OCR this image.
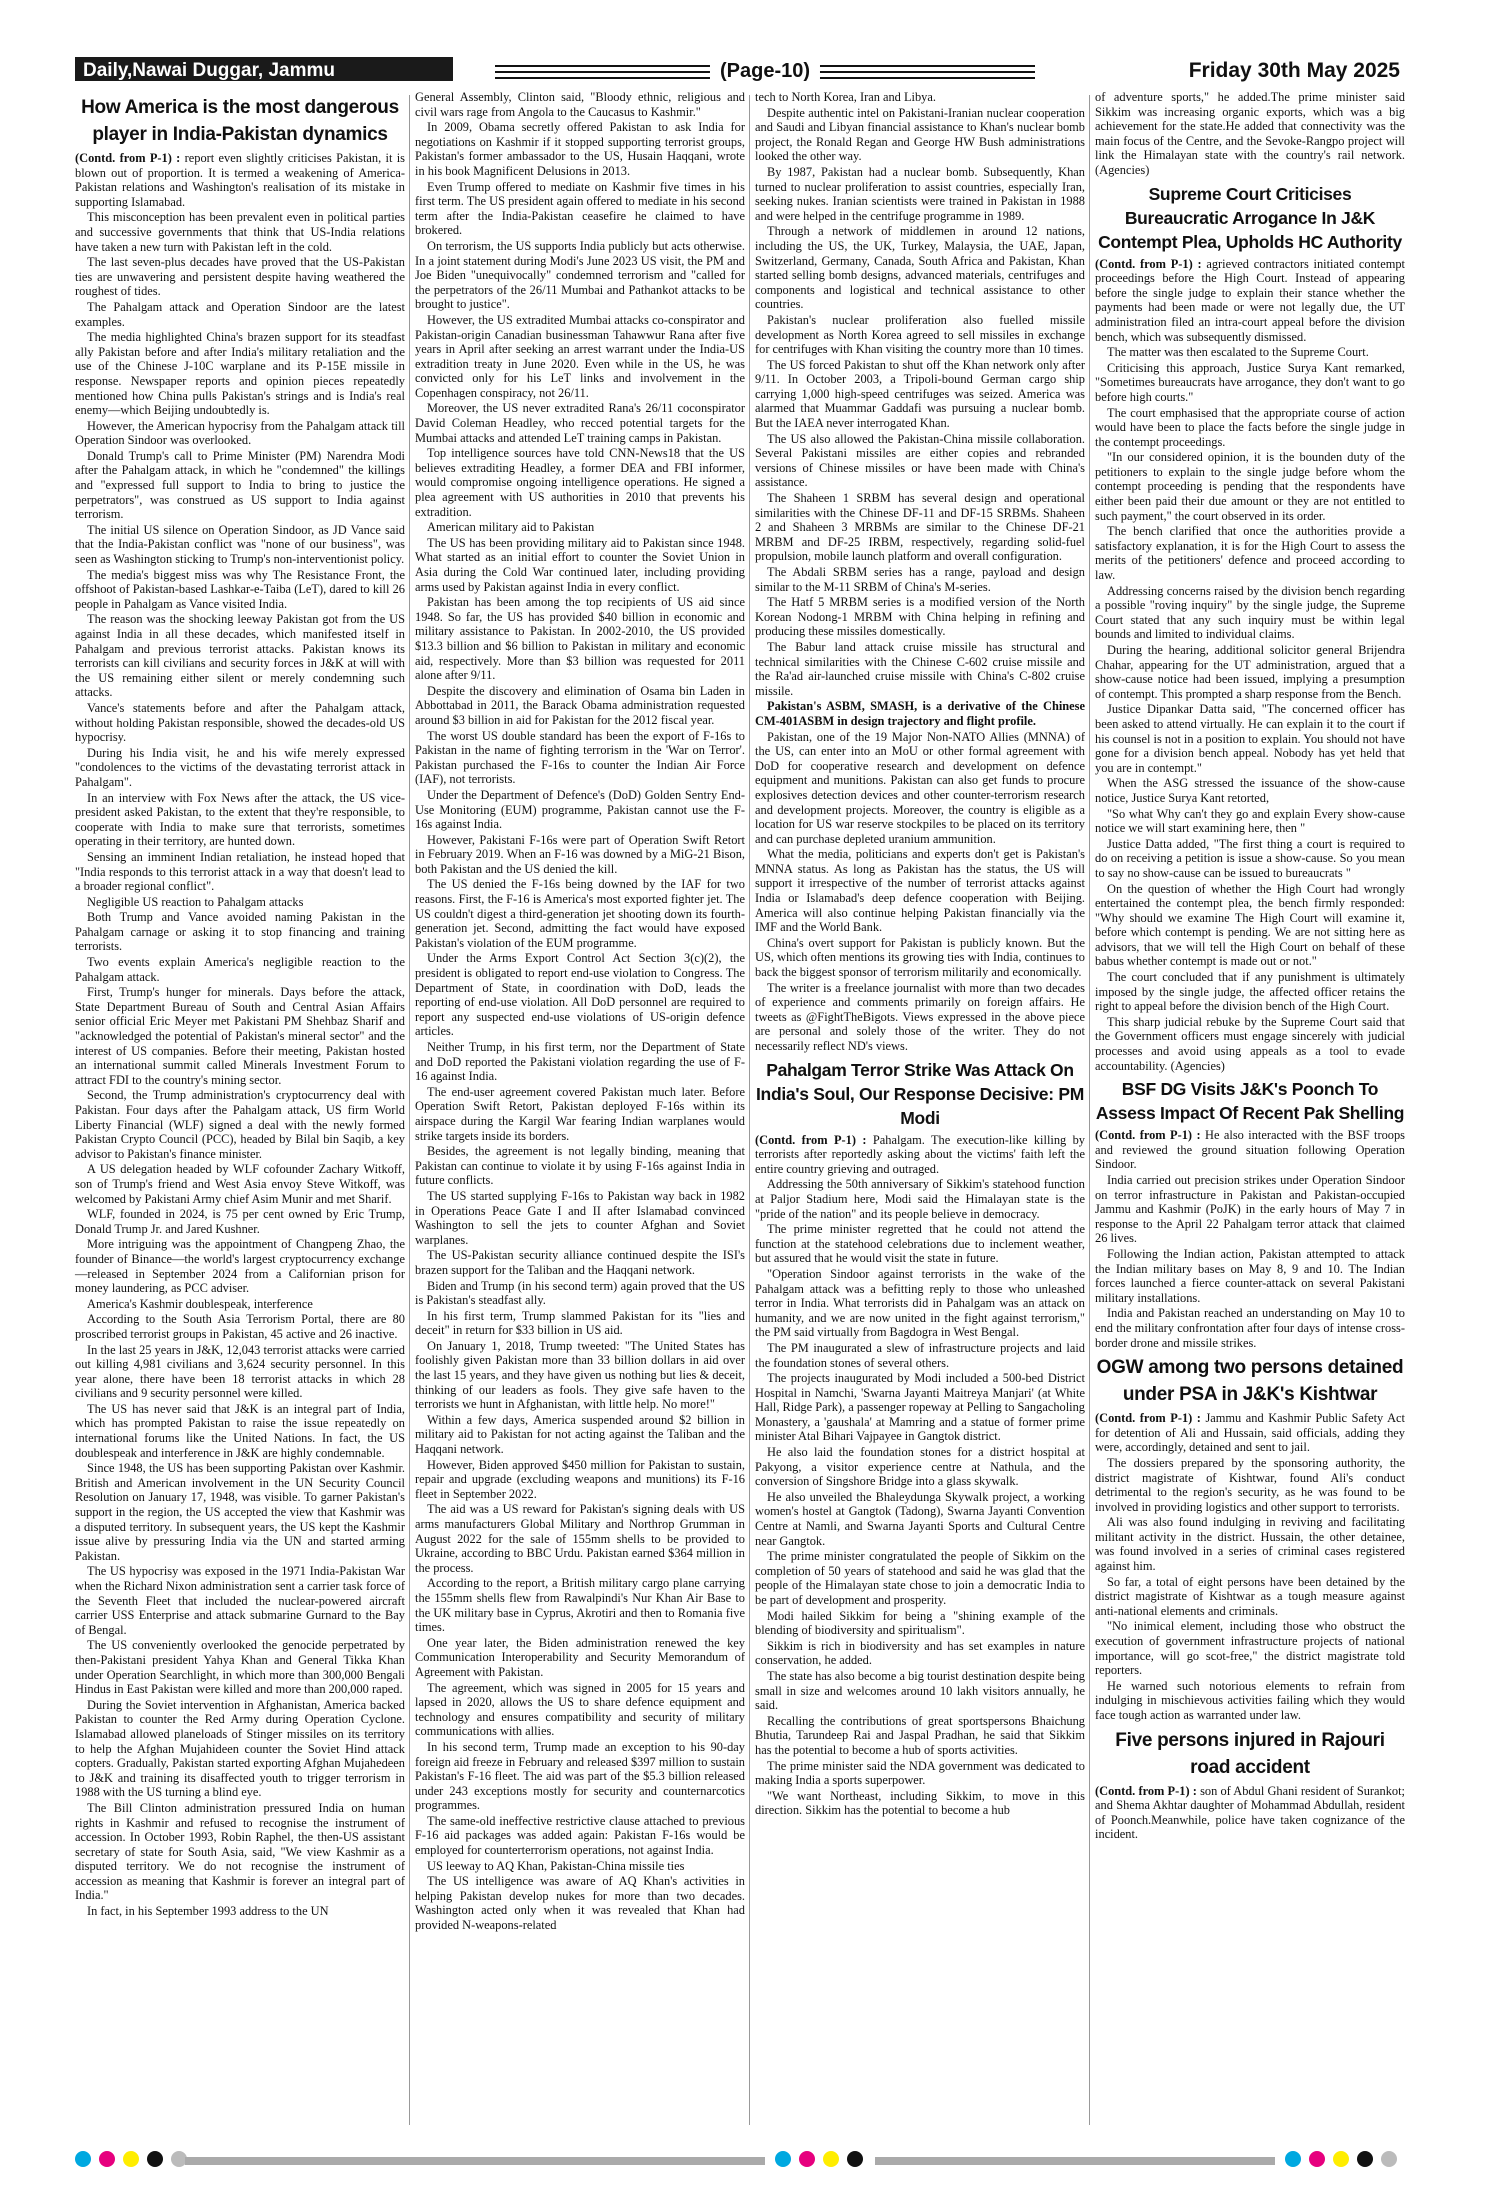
Daily,Nawai Duggar, Jammu	(Page-10)	Friday 30th May 2025
How America is the most dangerous player in India-Pakistan dynamics

(Contd. from P-1) : report even slightly criticises Pakistan, it is blown out of proportion. It is termed a weakening of America-Pakistan relations and Washington's realisation of its mistake in supporting Islamabad.

This misconception has been prevalent even in political parties and successive governments that think that US-India relations have taken a new turn with Pakistan left in the cold.

The last seven-plus decades have proved that the US-Pakistan ties are unwavering and persistent despite having weathered the roughest of tides.

The Pahalgam attack and Operation Sindoor are the latest examples.

The media highlighted China's brazen support for its steadfast ally Pakistan before and after India's military retaliation and the use of the Chinese J-10C warplane and its P-15E missile in response. Newspaper reports and opinion pieces repeatedly mentioned how China pulls Pakistan's strings and is India's real enemy—which Beijing undoubtedly is.

However, the American hypocrisy from the Pahalgam attack till Operation Sindoor was overlooked.

Donald Trump's call to Prime Minister (PM) Narendra Modi after the Pahalgam attack, in which he "condemned" the killings and "expressed full support to India to bring to justice the perpetrators", was construed as US support to India against terrorism.

The initial US silence on Operation Sindoor, as JD Vance said that the India-Pakistan conflict was "none of our business", was seen as Washington sticking to Trump's non-interventionist policy.

The media's biggest miss was why The Resistance Front, the offshoot of Pakistan-based Lashkar-e-Taiba (LeT), dared to kill 26 people in Pahalgam as Vance visited India.

The reason was the shocking leeway Pakistan got from the US against India in all these decades, which manifested itself in Pahalgam and previous terrorist attacks. Pakistan knows its terrorists can kill civilians and security forces in J&K at will with the US remaining either silent or merely condemning such attacks.

Vance's statements before and after the Pahalgam attack, without holding Pakistan responsible, showed the decades-old US hypocrisy.

During his India visit, he and his wife merely expressed "condolences to the victims of the devastating terrorist attack in Pahalgam".

In an interview with Fox News after the attack, the US vice-president asked Pakistan, to the extent that they're responsible, to cooperate with India to make sure that terrorists, sometimes operating in their territory, are hunted down.

Sensing an imminent Indian retaliation, he instead hoped that "India responds to this terrorist attack in a way that doesn't lead to a broader regional conflict".

Negligible US reaction to Pahalgam attacks

Both Trump and Vance avoided naming Pakistan in the Pahalgam carnage or asking it to stop financing and training terrorists.

Two events explain America's negligible reaction to the Pahalgam attack.

First, Trump's hunger for minerals. Days before the attack, State Department Bureau of South and Central Asian Affairs senior official Eric Meyer met Pakistani PM Shehbaz Sharif and "acknowledged the potential of Pakistan's mineral sector" and the interest of US companies. Before their meeting, Pakistan hosted an international summit called Minerals Investment Forum to attract FDI to the country's mining sector.

Second, the Trump administration's cryptocurrency deal with Pakistan. Four days after the Pahalgam attack, US firm World Liberty Financial (WLF) signed a deal with the newly formed Pakistan Crypto Council (PCC), headed by Bilal bin Saqib, a key advisor to Pakistan's finance minister.

A US delegation headed by WLF cofounder Zachary Witkoff, son of Trump's friend and West Asia envoy Steve Witkoff, was welcomed by Pakistani Army chief Asim Munir and met Sharif.

WLF, founded in 2024, is 75 per cent owned by Eric Trump, Donald Trump Jr. and Jared Kushner.

More intriguing was the appointment of Changpeng Zhao, the founder of Binance—the world's largest cryptocurrency exchange—released in September 2024 from a Californian prison for money laundering, as PCC adviser.

America's Kashmir doublespeak, interference

According to the South Asia Terrorism Portal, there are 80 proscribed terrorist groups in Pakistan, 45 active and 26 inactive.

In the last 25 years in J&K, 12,043 terrorist attacks were carried out killing 4,981 civilians and 3,624 security personnel. In this year alone, there have been 18 terrorist attacks in which 28 civilians and 9 security personnel were killed.

The US has never said that J&K is an integral part of India, which has prompted Pakistan to raise the issue repeatedly on international forums like the United Nations. In fact, the US doublespeak and interference in J&K are highly condemnable.

Since 1948, the US has been supporting Pakistan over Kashmir. British and American involvement in the UN Security Council Resolution on January 17, 1948, was visible. To garner Pakistan's support in the region, the US accepted the view that Kashmir was a disputed territory. In subsequent years, the US kept the Kashmir issue alive by pressuring India via the UN and started arming Pakistan.

The US hypocrisy was exposed in the 1971 India-Pakistan War when the Richard Nixon administration sent a carrier task force of the Seventh Fleet that included the nuclear-powered aircraft carrier USS Enterprise and attack submarine Gurnard to the Bay of Bengal.

The US conveniently overlooked the genocide perpetrated by then-Pakistani president Yahya Khan and General Tikka Khan under Operation Searchlight, in which more than 300,000 Bengali Hindus in East Pakistan were killed and more than 200,000 raped.

During the Soviet intervention in Afghanistan, America backed Pakistan to counter the Red Army during Operation Cyclone. Islamabad allowed planeloads of Stinger missiles on its territory to help the Afghan Mujahideen counter the Soviet Hind attack copters. Gradually, Pakistan started exporting Afghan Mujahedeen to J&K and training its disaffected youth to trigger terrorism in 1988 with the US turning a blind eye.

The Bill Clinton administration pressured India on human rights in Kashmir and refused to recognise the instrument of accession. In October 1993, Robin Raphel, the then-US assistant secretary of state for South Asia, said, "We view Kashmir as a disputed territory. We do not recognise the instrument of accession as meaning that Kashmir is forever an integral part of India."

In fact, in his September 1993 address to the UN

General Assembly, Clinton said, "Bloody ethnic, religious and civil wars rage from Angola to the Caucasus to Kashmir."

In 2009, Obama secretly offered Pakistan to ask India for negotiations on Kashmir if it stopped supporting terrorist groups, Pakistan's former ambassador to the US, Husain Haqqani, wrote in his book Magnificent Delusions in 2013.

Even Trump offered to mediate on Kashmir five times in his first term. The US president again offered to mediate in his second term after the India-Pakistan ceasefire he claimed to have brokered.

On terrorism, the US supports India publicly but acts otherwise. In a joint statement during Modi's June 2023 US visit, the PM and Joe Biden "unequivocally" condemned terrorism and "called for the perpetrators of the 26/11 Mumbai and Pathankot attacks to be brought to justice".

However, the US extradited Mumbai attacks co-conspirator and Pakistan-origin Canadian businessman Tahawwur Rana after five years in April after seeking an arrest warrant under the India-US extradition treaty in June 2020. Even while in the US, he was convicted only for his LeT links and involvement in the Copenhagen conspiracy, not 26/11.

Moreover, the US never extradited Rana's 26/11 coconspirator David Coleman Headley, who recced potential targets for the Mumbai attacks and attended LeT training camps in Pakistan.

Top intelligence sources have told CNN-News18 that the US believes extraditing Headley, a former DEA and FBI informer, would compromise ongoing intelligence operations. He signed a plea agreement with US authorities in 2010 that prevents his extradition.

American military aid to Pakistan

The US has been providing military aid to Pakistan since 1948. What started as an initial effort to counter the Soviet Union in Asia during the Cold War continued later, including providing arms used by Pakistan against India in every conflict.

Pakistan has been among the top recipients of US aid since 1948. So far, the US has provided $40 billion in economic and military assistance to Pakistan. In 2002-2010, the US provided $13.3 billion and $6 billion to Pakistan in military and economic aid, respectively. More than $3 billion was requested for 2011 alone after 9/11.

Despite the discovery and elimination of Osama bin Laden in Abbottabad in 2011, the Barack Obama administration requested around $3 billion in aid for Pakistan for the 2012 fiscal year.

The worst US double standard has been the export of F-16s to Pakistan in the name of fighting terrorism in the 'War on Terror'. Pakistan purchased the F-16s to counter the Indian Air Force (IAF), not terrorists.

Under the Department of Defence's (DoD) Golden Sentry End-Use Monitoring (EUM) programme, Pakistan cannot use the F-16s against India.

However, Pakistani F-16s were part of Operation Swift Retort in February 2019. When an F-16 was downed by a MiG-21 Bison, both Pakistan and the US denied the kill.

The US denied the F-16s being downed by the IAF for two reasons. First, the F-16 is America's most exported fighter jet. The US couldn't digest a third-generation jet shooting down its fourth-generation jet. Second, admitting the fact would have exposed Pakistan's violation of the EUM programme.

Under the Arms Export Control Act Section 3(c)(2), the president is obligated to report end-use violation to Congress. The Department of State, in coordination with DoD, leads the reporting of end-use violation. All DoD personnel are required to report any suspected end-use violations of US-origin defence articles.

Neither Trump, in his first term, nor the Department of State and DoD reported the Pakistani violation regarding the use of F-16 against India.

The end-user agreement covered Pakistan much later. Before Operation Swift Retort, Pakistan deployed F-16s within its airspace during the Kargil War fearing Indian warplanes would strike targets inside its borders.

Besides, the agreement is not legally binding, meaning that Pakistan can continue to violate it by using F-16s against India in future conflicts.

The US started supplying F-16s to Pakistan way back in 1982 in Operations Peace Gate I and II after Islamabad convinced Washington to sell the jets to counter Afghan and Soviet warplanes.

The US-Pakistan security alliance continued despite the ISI's brazen support for the Taliban and the Haqqani network.

Biden and Trump (in his second term) again proved that the US is Pakistan's steadfast ally.

In his first term, Trump slammed Pakistan for its "lies and deceit" in return for $33 billion in US aid.

On January 1, 2018, Trump tweeted: "The United States has foolishly given Pakistan more than 33 billion dollars in aid over the last 15 years, and they have given us nothing but lies & deceit, thinking of our leaders as fools. They give safe haven to the terrorists we hunt in Afghanistan, with little help. No more!"

Within a few days, America suspended around $2 billion in military aid to Pakistan for not acting against the Taliban and the Haqqani network.

However, Biden approved $450 million for Pakistan to sustain, repair and upgrade (excluding weapons and munitions) its F-16 fleet in September 2022.

The aid was a US reward for Pakistan's signing deals with US arms manufacturers Global Military and Northrop Grumman in August 2022 for the sale of 155mm shells to be provided to Ukraine, according to BBC Urdu. Pakistan earned $364 million in the process.

According to the report, a British military cargo plane carrying the 155mm shells flew from Rawalpindi's Nur Khan Air Base to the UK military base in Cyprus, Akrotiri and then to Romania five times.

One year later, the Biden administration renewed the key Communication Interoperability and Security Memorandum of Agreement with Pakistan.

The agreement, which was signed in 2005 for 15 years and lapsed in 2020, allows the US to share defence equipment and technology and ensures compatibility and security of military communications with allies.

In his second term, Trump made an exception to his 90-day foreign aid freeze in February and released $397 million to sustain Pakistan's F-16 fleet. The aid was part of the $5.3 billion released under 243 exceptions mostly for security and counternarcotics programmes.

The same-old ineffective restrictive clause attached to previous F-16 aid packages was added again: Pakistan F-16s would be employed for counterterrorism operations, not against India.

US leeway to AQ Khan, Pakistan-China missile ties

The US intelligence was aware of AQ Khan's activities in helping Pakistan develop nukes for more than two decades. Washington acted only when it was revealed that Khan had provided N-weapons-related

tech to North Korea, Iran and Libya.

Despite authentic intel on Pakistani-Iranian nuclear cooperation and Saudi and Libyan financial assistance to Khan's nuclear bomb project, the Ronald Regan and George HW Bush administrations looked the other way.

By 1987, Pakistan had a nuclear bomb. Subsequently, Khan turned to nuclear proliferation to assist countries, especially Iran, seeking nukes. Iranian scientists were trained in Pakistan in 1988 and were helped in the centrifuge programme in 1989.

Through a network of middlemen in around 12 nations, including the US, the UK, Turkey, Malaysia, the UAE, Japan, Switzerland, Germany, Canada, South Africa and Pakistan, Khan started selling bomb designs, advanced materials, centrifuges and components and logistical and technical assistance to other countries.

Pakistan's nuclear proliferation also fuelled missile development as North Korea agreed to sell missiles in exchange for centrifuges with Khan visiting the country more than 10 times.

The US forced Pakistan to shut off the Khan network only after 9/11. In October 2003, a Tripoli-bound German cargo ship carrying 1,000 high-speed centrifuges was seized. America was alarmed that Muammar Gaddafi was pursuing a nuclear bomb. But the IAEA never interrogated Khan.

The US also allowed the Pakistan-China missile collaboration. Several Pakistani missiles are either copies and rebranded versions of Chinese missiles or have been made with China's assistance.

The Shaheen 1 SRBM has several design and operational similarities with the Chinese DF-11 and DF-15 SRBMs. Shaheen 2 and Shaheen 3 MRBMs are similar to the Chinese DF-21 MRBM and DF-25 IRBM, respectively, regarding solid-fuel propulsion, mobile launch platform and overall configuration.

The Abdali SRBM series has a range, payload and design similar to the M-11 SRBM of China's M-series.

The Hatf 5 MRBM series is a modified version of the North Korean Nodong-1 MRBM with China helping in refining and producing these missiles domestically.

The Babur land attack cruise missile has structural and technical similarities with the Chinese C-602 cruise missile and the Ra'ad air-launched cruise missile with China's C-802 cruise missile.

Pakistan's ASBM, SMASH, is a derivative of the Chinese CM-401ASBM in design trajectory and flight profile.

Pakistan, one of the 19 Major Non-NATO Allies (MNNA) of the US, can enter into an MoU or other formal agreement with DoD for cooperative research and development on defence equipment and munitions. Pakistan can also get funds to procure explosives detection devices and other counter-terrorism research and development projects. Moreover, the country is eligible as a location for US war reserve stockpiles to be placed on its territory and can purchase depleted uranium ammunition.

What the media, politicians and experts don't get is Pakistan's MNNA status. As long as Pakistan has the status, the US will support it irrespective of the number of terrorist attacks against India or Islamabad's deep defence cooperation with Beijing. America will also continue helping Pakistan financially via the IMF and the World Bank.

China's overt support for Pakistan is publicly known. But the US, which often mentions its growing ties with India, continues to back the biggest sponsor of terrorism militarily and economically.

The writer is a freelance journalist with more than two decades of experience and comments primarily on foreign affairs. He tweets as @FightTheBigots. Views expressed in the above piece are personal and solely those of the writer. They do not necessarily reflect ND's views.

Pahalgam Terror Strike Was Attack On India's Soul, Our Response Decisive: PM Modi

(Contd. from P-1) : Pahalgam. The execution-like killing by terrorists after reportedly asking about the victims' faith left the entire country grieving and outraged.

Addressing the 50th anniversary of Sikkim's statehood function at Paljor Stadium here, Modi said the Himalayan state is the "pride of the nation" and its people believe in democracy.

The prime minister regretted that he could not attend the function at the statehood celebrations due to inclement weather, but assured that he would visit the state in future.

"Operation Sindoor against terrorists in the wake of the Pahalgam attack was a befitting reply to those who unleashed terror in India. What terrorists did in Pahalgam was an attack on humanity, and we are now united in the fight against terrorism," the PM said virtually from Bagdogra in West Bengal.

The PM inaugurated a slew of infrastructure projects and laid the foundation stones of several others.

The projects inaugurated by Modi included a 500-bed District Hospital in Namchi, 'Swarna Jayanti Maitreya Manjari' (at White Hall, Ridge Park), a passenger ropeway at Pelling to Sangacholing Monastery, a 'gaushala' at Mamring and a statue of former prime minister Atal Bihari Vajpayee in Gangtok district.

He also laid the foundation stones for a district hospital at Pakyong, a visitor experience centre at Nathula, and the conversion of Singshore Bridge into a glass skywalk.

He also unveiled the Bhaleydunga Skywalk project, a working women's hostel at Gangtok (Tadong), Swarna Jayanti Convention Centre at Namli, and Swarna Jayanti Sports and Cultural Centre near Gangtok.

The prime minister congratulated the people of Sikkim on the completion of 50 years of statehood and said he was glad that the people of the Himalayan state chose to join a democratic India to be part of development and prosperity.

Modi hailed Sikkim for being a "shining example of the blending of biodiversity and spiritualism".

Sikkim is rich in biodiversity and has set examples in nature conservation, he added.

The state has also become a big tourist destination despite being small in size and welcomes around 10 lakh visitors annually, he said.

Recalling the contributions of great sportspersons Bhaichung Bhutia, Tarundeep Rai and Jaspal Pradhan, he said that Sikkim has the potential to become a hub of sports activities.

The prime minister said the NDA government was dedicated to making India a sports superpower.

"We want Northeast, including Sikkim, to move in this direction. Sikkim has the potential to become a hub

of adventure sports," he added.The prime minister said Sikkim was increasing organic exports, which was a big achievement for the state.He added that connectivity was the main focus of the Centre, and the Sevoke-Rangpo project will link the Himalayan state with the country's rail network. (Agencies)

Supreme Court Criticises Bureaucratic Arrogance In J&K Contempt Plea, Upholds HC Authority

(Contd. from P-1) : agrieved contractors initiated contempt proceedings before the High Court. Instead of appearing before the single judge to explain their stance whether the payments had been made or were not legally due, the UT administration filed an intra-court appeal before the division bench, which was subsequently dismissed.

The matter was then escalated to the Supreme Court.

Criticising this approach, Justice Surya Kant remarked, "Sometimes bureaucrats have arrogance, they don't want to go before high courts."

The court emphasised that the appropriate course of action would have been to place the facts before the single judge in the contempt proceedings.

"In our considered opinion, it is the bounden duty of the petitioners to explain to the single judge before whom the contempt proceeding is pending that the respondents have either been paid their due amount or they are not entitled to such payment," the court observed in its order.

The bench clarified that once the authorities provide a satisfactory explanation, it is for the High Court to assess the merits of the petitioners' defence and proceed according to law.

Addressing concerns raised by the division bench regarding a possible "roving inquiry" by the single judge, the Supreme Court stated that any such inquiry must be within legal bounds and limited to individual claims.

During the hearing, additional solicitor general Brijendra Chahar, appearing for the UT administration, argued that a show-cause notice had been issued, implying a presumption of contempt. This prompted a sharp response from the Bench.

Justice Dipankar Datta said, "The concerned officer has been asked to attend virtually. He can explain it to the court if his counsel is not in a position to explain. You should not have gone for a division bench appeal. Nobody has yet held that you are in contempt."

When the ASG stressed the issuance of the show-cause notice, Justice Surya Kant retorted,

"So what Why can't they go and explain Every show-cause notice we will start examining here, then "

Justice Datta added, "The first thing a court is required to do on receiving a petition is issue a show-cause. So you mean to say no show-cause can be issued to bureaucrats "

On the question of whether the High Court had wrongly entertained the contempt plea, the bench firmly responded: "Why should we examine The High Court will examine it, before which contempt is pending. We are not sitting here as advisors, that we will tell the High Court on behalf of these babus whether contempt is made out or not."

The court concluded that if any punishment is ultimately imposed by the single judge, the affected officer retains the right to appeal before the division bench of the High Court.

This sharp judicial rebuke by the Supreme Court said that the Government officers must engage sincerely with judicial processes and avoid using appeals as a tool to evade accountability. (Agencies)

BSF DG Visits J&K's Poonch To Assess Impact Of Recent Pak Shelling

(Contd. from P-1) : He also interacted with the BSF troops and reviewed the ground situation following Operation Sindoor.

India carried out precision strikes under Operation Sindoor on terror infrastructure in Pakistan and Pakistan-occupied Jammu and Kashmir (PoJK) in the early hours of May 7 in response to the April 22 Pahalgam terror attack that claimed 26 lives.

Following the Indian action, Pakistan attempted to attack the Indian military bases on May 8, 9 and 10. The Indian forces launched a fierce counter-attack on several Pakistani military installations.

India and Pakistan reached an understanding on May 10 to end the military confrontation after four days of intense cross-border drone and missile strikes.

OGW among two persons detained under PSA in J&K's Kishtwar

(Contd. from P-1) : Jammu and Kashmir Public Safety Act for detention of Ali and Hussain, said officials, adding they were, accordingly, detained and sent to jail.

The dossiers prepared by the sponsoring authority, the district magistrate of Kishtwar, found Ali's conduct detrimental to the region's security, as he was found to be involved in providing logistics and other support to terrorists.

Ali was also found indulging in reviving and facilitating militant activity in the district. Hussain, the other detainee, was found involved in a series of criminal cases registered against him.

So far, a total of eight persons have been detained by the district magistrate of Kishtwar as a tough measure against anti-national elements and criminals.

"No inimical element, including those who obstruct the execution of government infrastructure projects of national importance, will go scot-free," the district magistrate told reporters.

He warned such notorious elements to refrain from indulging in mischievous activities failing which they would face tough action as warranted under law.

Five persons injured in Rajouri road accident

(Contd. from P-1) : son of Abdul Ghani resident of Surankot; and Shema Akhtar daughter of Mohammad Abdullah, resident of Poonch.Meanwhile, police have taken cognizance of the incident.
